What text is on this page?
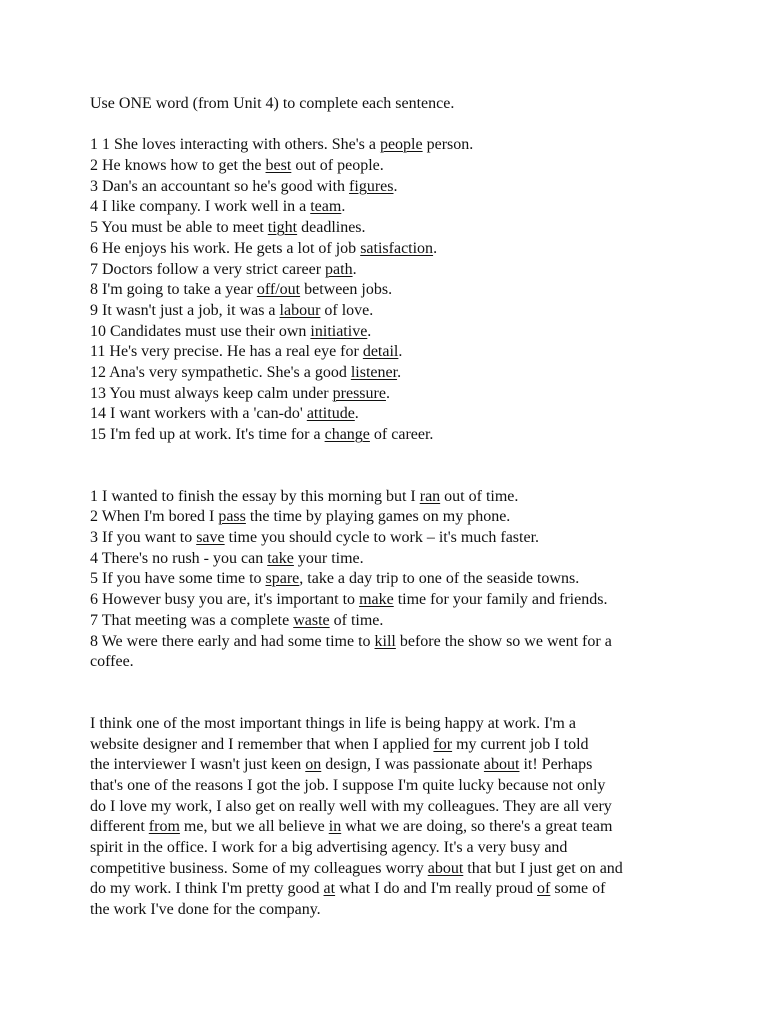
Use ONE word (from Unit 4) to complete each sentence.
1 1 She loves interacting with others. She's a people person.
2 He knows how to get the best out of people.
3 Dan's an accountant so he's good with figures.
4 I like company. I work well in a team.
5 You must be able to meet tight deadlines.
6 He enjoys his work. He gets a lot of job satisfaction.
7 Doctors follow a very strict career path.
8 I'm going to take a year off/out between jobs.
9 It wasn't just a job, it was a labour of love.
10 Candidates must use their own initiative.
11 He's very precise. He has a real eye for detail.
12 Ana's very sympathetic. She's a good listener.
13 You must always keep calm under pressure.
14 I want workers with a 'can-do' attitude.
15 I'm fed up at work. It's time for a change of career.
1 I wanted to finish the essay by this morning but I ran out of time.
2 When I'm bored I pass the time by playing games on my phone.
3 If you want to save time you should cycle to work – it's much faster.
4 There's no rush - you can take your time.
5 If you have some time to spare, take a day trip to one of the seaside towns.
6 However busy you are, it's important to make time for your family and friends.
7 That meeting was a complete waste of time.
8 We were there early and had some time to kill before the show so we went for a
coffee.
I think one of the most important things in life is being happy at work. I'm a
website designer and I remember that when I applied for my current job I told
the interviewer I wasn't just keen on design, I was passionate about it! Perhaps
that's one of the reasons I got the job. I suppose I'm quite lucky because not only
do I love my work, I also get on really well with my colleagues. They are all very
different from me, but we all believe in what we are doing, so there's a great team
spirit in the office. I work for a big advertising agency. It's a very busy and
competitive business. Some of my colleagues worry about that but I just get on and
do my work. I think I'm pretty good at what I do and I'm really proud of some of
the work I've done for the company.
